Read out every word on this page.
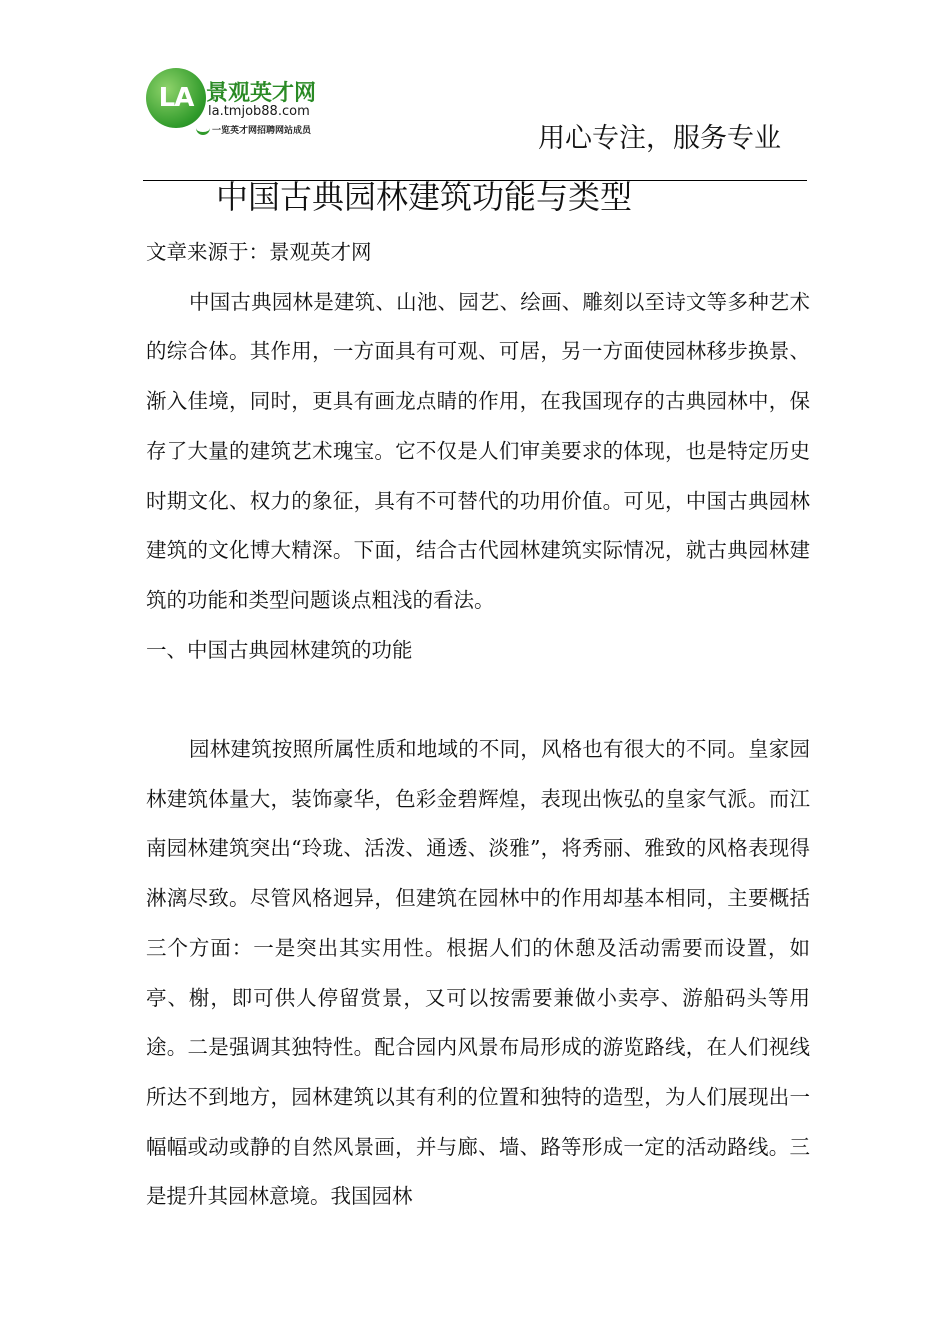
LA 景观英才网
la.tmjob88.com
一览英才网招聘网站成员	用心专注，服务专业
中国古典园林建筑功能与类型

文章来源于：景观英才网

中国古典园林是建筑、山池、园艺、绘画、雕刻以至诗文等多种艺术的综合体。其作用，一方面具有可观、可居，另一方面使园林移步换景、渐入佳境，同时，更具有画龙点睛的作用，在我国现存的古典园林中，保存了大量的建筑艺术瑰宝。它不仅是人们审美要求的体现，也是特定历史时期文化、权力的象征，具有不可替代的功用价值。可见，中国古典园林建筑的文化博大精深。下面，结合古代园林建筑实际情况，就古典园林建筑的功能和类型问题谈点粗浅的看法。

一、中国古典园林建筑的功能

园林建筑按照所属性质和地域的不同，风格也有很大的不同。皇家园林建筑体量大，装饰豪华，色彩金碧辉煌，表现出恢弘的皇家气派。而江南园林建筑突出“玲珑、活泼、通透、淡雅”，将秀丽、雅致的风格表现得淋漓尽致。尽管风格迥异，但建筑在园林中的作用却基本相同，主要概括三个方面：一是突出其实用性。根据人们的休憩及活动需要而设置，如亭、榭，即可供人停留赏景，又可以按需要兼做小卖亭、游船码头等用途。二是强调其独特性。配合园内风景布局形成的游览路线，在人们视线所达不到地方，园林建筑以其有利的位置和独特的造型，为人们展现出一幅幅或动或静的自然风景画，并与廊、墙、路等形成一定的活动路线。三是提升其园林意境。我国园林
